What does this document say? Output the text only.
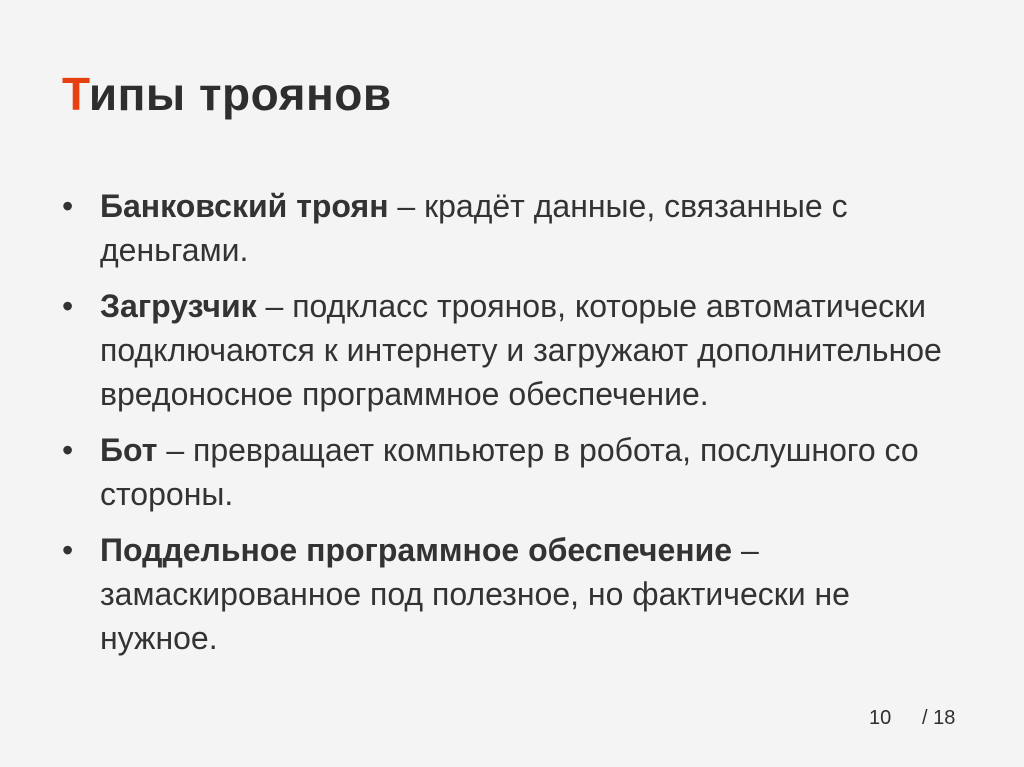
Типы троянов
• Банковский троян – крадёт данные, связанные с деньгами.
• Загрузчик – подкласс троянов, которые автоматически подключаются к интернету и загружают дополнительное вредоносное программное обеспечение.
• Бот – превращает компьютер в робота, послушного со стороны.
• Поддельное программное обеспечение – замаскированное под полезное, но фактически не нужное.
10 / 18
